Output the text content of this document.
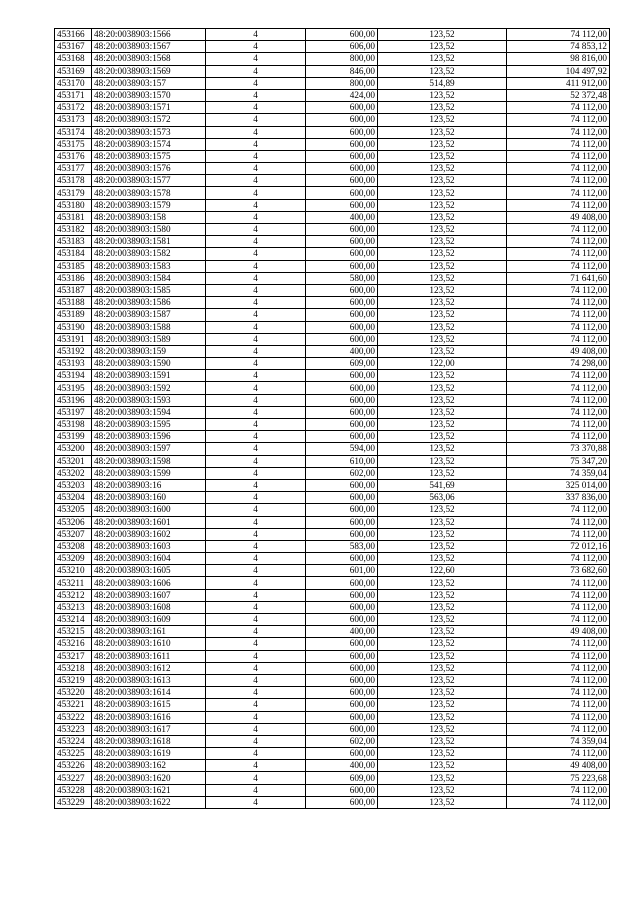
453166	48:20:0038903:1566	4	600,00	123,52	74 112,00
453167	48:20:0038903:1567	4	606,00	123,52	74 853,12
453168	48:20:0038903:1568	4	800,00	123,52	98 816,00
453169	48:20:0038903:1569	4	846,00	123,52	104 497,92
453170	48:20:0038903:157	4	800,00	514,89	411 912,00
453171	48:20:0038903:1570	4	424,00	123,52	52 372,48
453172	48:20:0038903:1571	4	600,00	123,52	74 112,00
453173	48:20:0038903:1572	4	600,00	123,52	74 112,00
453174	48:20:0038903:1573	4	600,00	123,52	74 112,00
453175	48:20:0038903:1574	4	600,00	123,52	74 112,00
453176	48:20:0038903:1575	4	600,00	123,52	74 112,00
453177	48:20:0038903:1576	4	600,00	123,52	74 112,00
453178	48:20:0038903:1577	4	600,00	123,52	74 112,00
453179	48:20:0038903:1578	4	600,00	123,52	74 112,00
453180	48:20:0038903:1579	4	600,00	123,52	74 112,00
453181	48:20:0038903:158	4	400,00	123,52	49 408,00
453182	48:20:0038903:1580	4	600,00	123,52	74 112,00
453183	48:20:0038903:1581	4	600,00	123,52	74 112,00
453184	48:20:0038903:1582	4	600,00	123,52	74 112,00
453185	48:20:0038903:1583	4	600,00	123,52	74 112,00
453186	48:20:0038903:1584	4	580,00	123,52	71 641,60
453187	48:20:0038903:1585	4	600,00	123,52	74 112,00
453188	48:20:0038903:1586	4	600,00	123,52	74 112,00
453189	48:20:0038903:1587	4	600,00	123,52	74 112,00
453190	48:20:0038903:1588	4	600,00	123,52	74 112,00
453191	48:20:0038903:1589	4	600,00	123,52	74 112,00
453192	48:20:0038903:159	4	400,00	123,52	49 408,00
453193	48:20:0038903:1590	4	609,00	122,00	74 298,00
453194	48:20:0038903:1591	4	600,00	123,52	74 112,00
453195	48:20:0038903:1592	4	600,00	123,52	74 112,00
453196	48:20:0038903:1593	4	600,00	123,52	74 112,00
453197	48:20:0038903:1594	4	600,00	123,52	74 112,00
453198	48:20:0038903:1595	4	600,00	123,52	74 112,00
453199	48:20:0038903:1596	4	600,00	123,52	74 112,00
453200	48:20:0038903:1597	4	594,00	123,52	73 370,88
453201	48:20:0038903:1598	4	610,00	123,52	75 347,20
453202	48:20:0038903:1599	4	602,00	123,52	74 359,04
453203	48:20:0038903:16	4	600,00	541,69	325 014,00
453204	48:20:0038903:160	4	600,00	563,06	337 836,00
453205	48:20:0038903:1600	4	600,00	123,52	74 112,00
453206	48:20:0038903:1601	4	600,00	123,52	74 112,00
453207	48:20:0038903:1602	4	600,00	123,52	74 112,00
453208	48:20:0038903:1603	4	583,00	123,52	72 012,16
453209	48:20:0038903:1604	4	600,00	123,52	74 112,00
453210	48:20:0038903:1605	4	601,00	122,60	73 682,60
453211	48:20:0038903:1606	4	600,00	123,52	74 112,00
453212	48:20:0038903:1607	4	600,00	123,52	74 112,00
453213	48:20:0038903:1608	4	600,00	123,52	74 112,00
453214	48:20:0038903:1609	4	600,00	123,52	74 112,00
453215	48:20:0038903:161	4	400,00	123,52	49 408,00
453216	48:20:0038903:1610	4	600,00	123,52	74 112,00
453217	48:20:0038903:1611	4	600,00	123,52	74 112,00
453218	48:20:0038903:1612	4	600,00	123,52	74 112,00
453219	48:20:0038903:1613	4	600,00	123,52	74 112,00
453220	48:20:0038903:1614	4	600,00	123,52	74 112,00
453221	48:20:0038903:1615	4	600,00	123,52	74 112,00
453222	48:20:0038903:1616	4	600,00	123,52	74 112,00
453223	48:20:0038903:1617	4	600,00	123,52	74 112,00
453224	48:20:0038903:1618	4	602,00	123,52	74 359,04
453225	48:20:0038903:1619	4	600,00	123,52	74 112,00
453226	48:20:0038903:162	4	400,00	123,52	49 408,00
453227	48:20:0038903:1620	4	609,00	123,52	75 223,68
453228	48:20:0038903:1621	4	600,00	123,52	74 112,00
453229	48:20:0038903:1622	4	600,00	123,52	74 112,00
